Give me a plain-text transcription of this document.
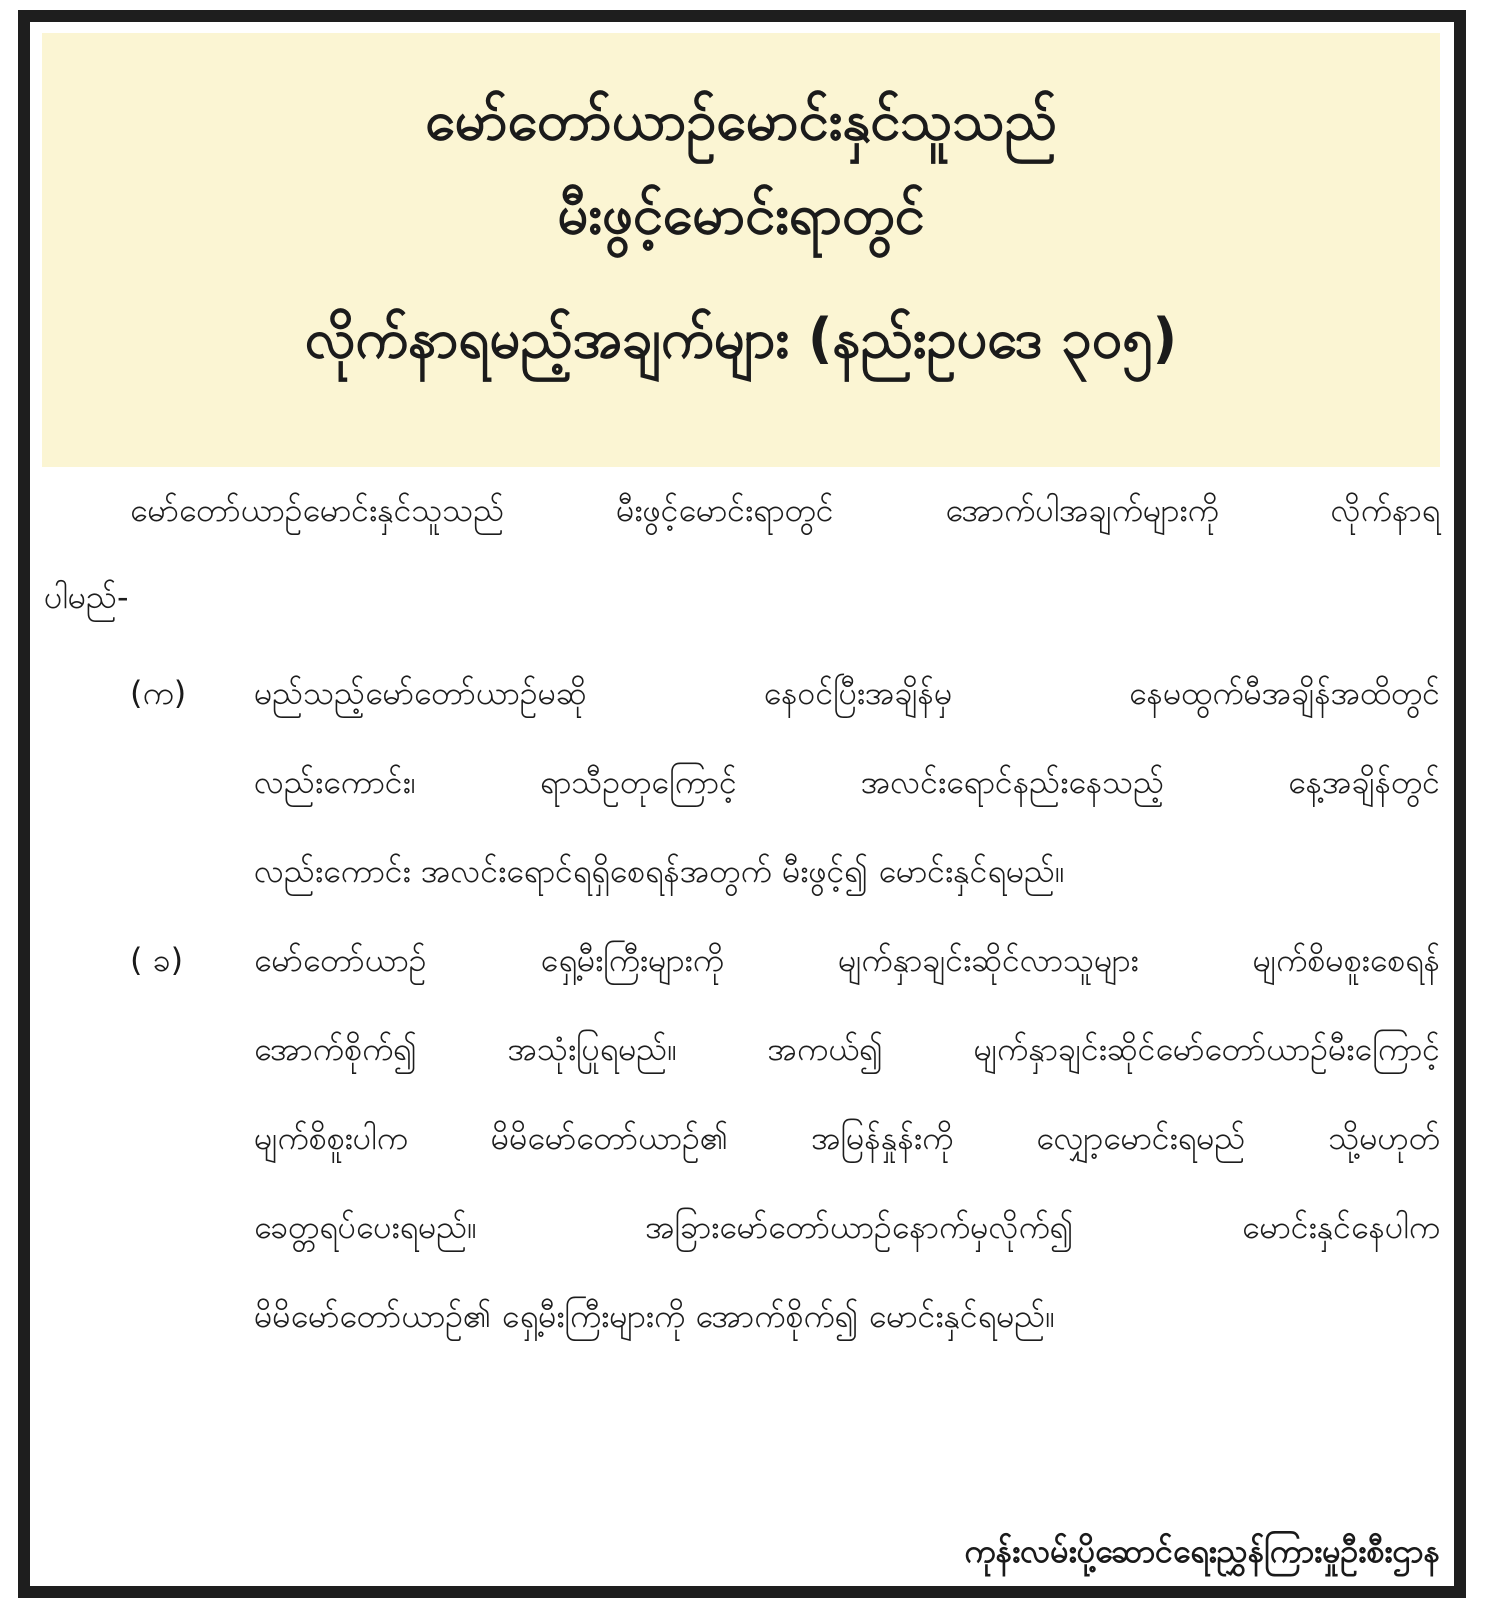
မော်တော်ယာဉ်မောင်းနှင်သူသည်
မီးဖွင့်မောင်းရာတွင်
လိုက်နာရမည့်အချက်များ (နည်းဥပဒေ ၃၀၅)
မော်တော်ယာဉ်မောင်းနှင်သူသည် မီးဖွင့်မောင်းရာတွင် အောက်ပါအချက်များကို လိုက်နာရ
ပါမည်-
(က) မည်သည့်မော်တော်ယာဉ်မဆို နေဝင်ပြီးအချိန်မှ နေမထွက်မီအချိန်အထိတွင်
လည်းကောင်း၊ ရာသီဥတုကြောင့် အလင်းရောင်နည်းနေသည့် နေ့အချိန်တွင်
လည်းကောင်း အလင်းရောင်ရရှိစေရန်အတွက် မီးဖွင့်၍ မောင်းနှင်ရမည်။
( ခ) မော်တော်ယာဉ် ရှေ့မီးကြီးများကို မျက်နှာချင်းဆိုင်လာသူများ မျက်စိမစူးစေရန်
အောက်စိုက်၍ အသုံးပြုရမည်။ အကယ်၍ မျက်နှာချင်းဆိုင်မော်တော်ယာဉ်မီးကြောင့်
မျက်စိစူးပါက မိမိမော်တော်ယာဉ်၏ အမြန်နှုန်းကို လျှော့မောင်းရမည် သို့မဟုတ်
ခေတ္တရပ်ပေးရမည်။ အခြားမော်တော်ယာဉ်နောက်မှလိုက်၍ မောင်းနှင်နေပါက
မိမိမော်တော်ယာဉ်၏ ရှေ့မီးကြီးများကို အောက်စိုက်၍ မောင်းနှင်ရမည်။
ကုန်းလမ်းပို့ဆောင်ရေးညွှန်ကြားမှုဦးစီးဌာန
